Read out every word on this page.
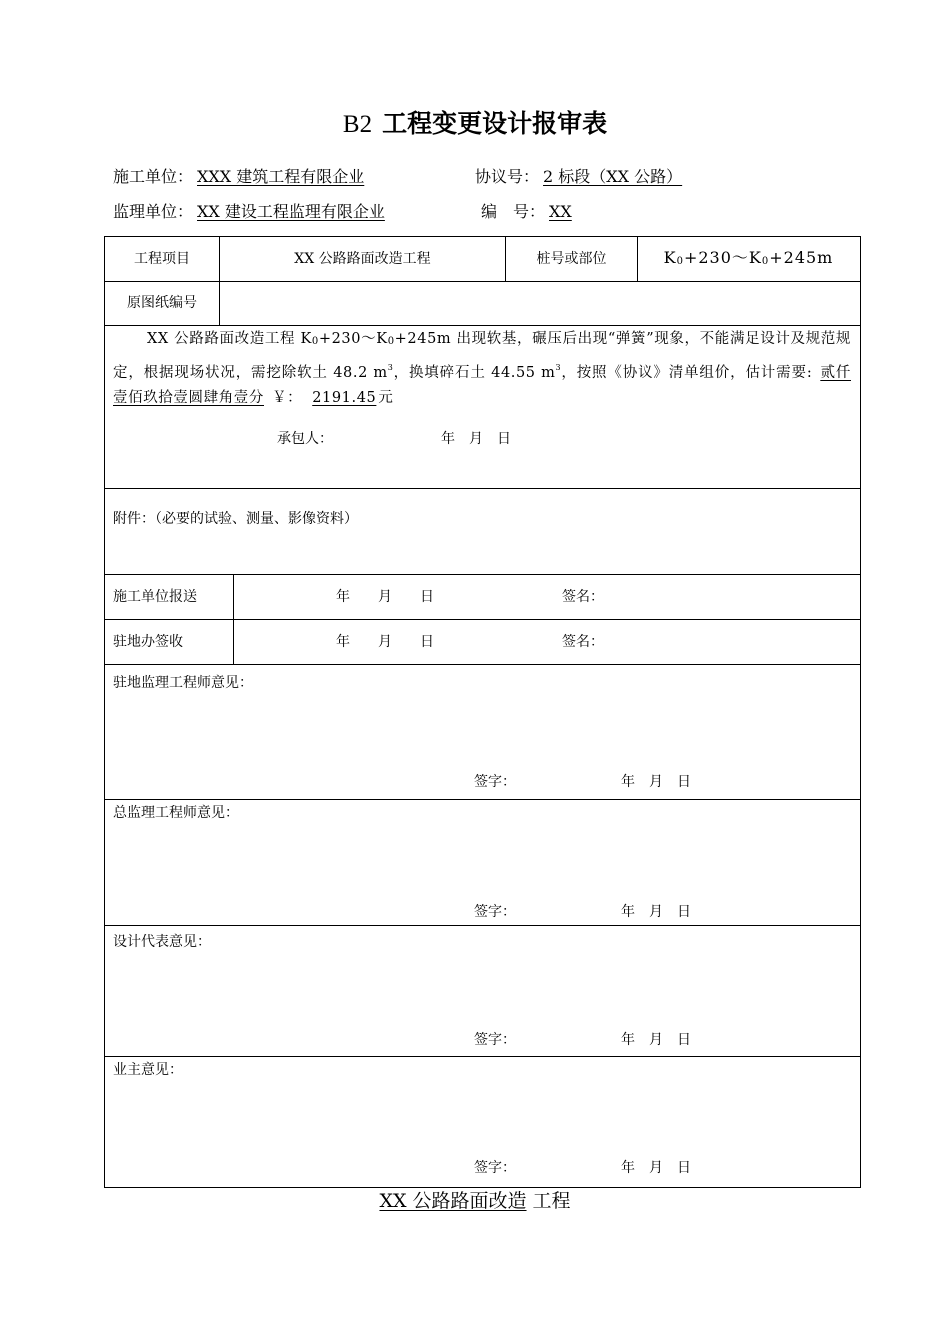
B2 工程变更设计报审表
施工单位： XXX 建筑工程有限企业	协议号： 2 标段（XX 公路）
监理单位： XX 建设工程监理有限企业	编　号： XX
工程项目	XX 公路路面改造工程	桩号或部位	$K_0+230\sim K_0+245m$
原图纸编号
XX 公路路面改造工程 $K_0+230\sim K_0+245m$ 出现软基，碾压后出现“弹簧”现象，不能满足设计及规范规定，根据现场状况，需挖除软土 48.2 $m^3$，换填碎石土 44.55 $m^3$，按照《协议》清单组价，估计需要: 贰仟壹佰玖拾壹圆肆角壹分 ￥： 2191.45 元
承包人：	年　月　日
附件：（必要的试验、测量、影像资料）
施工单位报送	年　　月　　日	签名：
驻地办签收	年　　月　　日	签名：
驻地监理工程师意见：
签字：	年　月　日
总监理工程师意见：
签字：	年　月　日
设计代表意见：
签字：	年　月　日
业主意见：
签字：	年　月　日
XX 公路路面改造 工程
